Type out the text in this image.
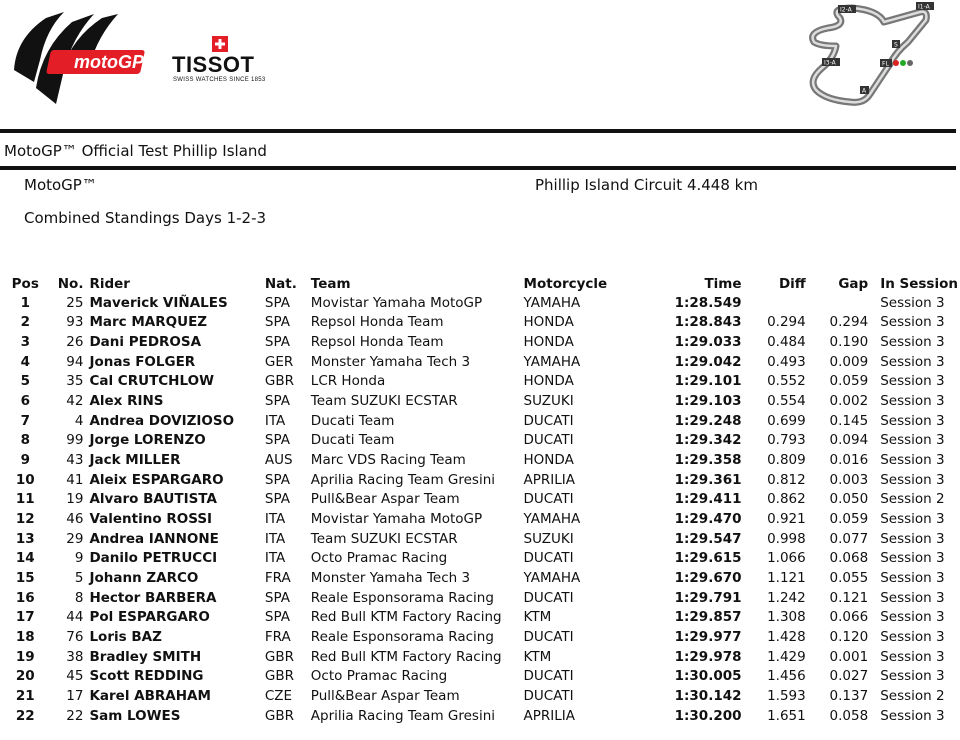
motoGP TISSOT
SWISS WATCHES SINCE 1853
I2-A	I1-A
S
I3-A	FL
A
MotoGP™ Official Test Phillip Island
MotoGP™	Phillip Island Circuit 4.448 km
Combined Standings Days 1-2-3
Pos	No.	Rider	Nat.	Team	Motorcycle	Time	Diff	Gap	In Session
1	25	Maverick VIÑALES	SPA	Movistar Yamaha MotoGP	YAMAHA	1:28.549			Session 3
2	93	Marc MARQUEZ	SPA	Repsol Honda Team	HONDA	1:28.843	0.294	0.294	Session 3
3	26	Dani PEDROSA	SPA	Repsol Honda Team	HONDA	1:29.033	0.484	0.190	Session 3
4	94	Jonas FOLGER	GER	Monster Yamaha Tech 3	YAMAHA	1:29.042	0.493	0.009	Session 3
5	35	Cal CRUTCHLOW	GBR	LCR Honda	HONDA	1:29.101	0.552	0.059	Session 3
6	42	Alex RINS	SPA	Team SUZUKI ECSTAR	SUZUKI	1:29.103	0.554	0.002	Session 3
7	4	Andrea DOVIZIOSO	ITA	Ducati Team	DUCATI	1:29.248	0.699	0.145	Session 3
8	99	Jorge LORENZO	SPA	Ducati Team	DUCATI	1:29.342	0.793	0.094	Session 3
9	43	Jack MILLER	AUS	Marc VDS Racing Team	HONDA	1:29.358	0.809	0.016	Session 3
10	41	Aleix ESPARGARO	SPA	Aprilia Racing Team Gresini	APRILIA	1:29.361	0.812	0.003	Session 3
11	19	Alvaro BAUTISTA	SPA	Pull&Bear Aspar Team	DUCATI	1:29.411	0.862	0.050	Session 2
12	46	Valentino ROSSI	ITA	Movistar Yamaha MotoGP	YAMAHA	1:29.470	0.921	0.059	Session 3
13	29	Andrea IANNONE	ITA	Team SUZUKI ECSTAR	SUZUKI	1:29.547	0.998	0.077	Session 3
14	9	Danilo PETRUCCI	ITA	Octo Pramac Racing	DUCATI	1:29.615	1.066	0.068	Session 3
15	5	Johann ZARCO	FRA	Monster Yamaha Tech 3	YAMAHA	1:29.670	1.121	0.055	Session 3
16	8	Hector BARBERA	SPA	Reale Esponsorama Racing	DUCATI	1:29.791	1.242	0.121	Session 3
17	44	Pol ESPARGARO	SPA	Red Bull KTM Factory Racing	KTM	1:29.857	1.308	0.066	Session 3
18	76	Loris BAZ	FRA	Reale Esponsorama Racing	DUCATI	1:29.977	1.428	0.120	Session 3
19	38	Bradley SMITH	GBR	Red Bull KTM Factory Racing	KTM	1:29.978	1.429	0.001	Session 3
20	45	Scott REDDING	GBR	Octo Pramac Racing	DUCATI	1:30.005	1.456	0.027	Session 3
21	17	Karel ABRAHAM	CZE	Pull&Bear Aspar Team	DUCATI	1:30.142	1.593	0.137	Session 2
22	22	Sam LOWES	GBR	Aprilia Racing Team Gresini	APRILIA	1:30.200	1.651	0.058	Session 3
